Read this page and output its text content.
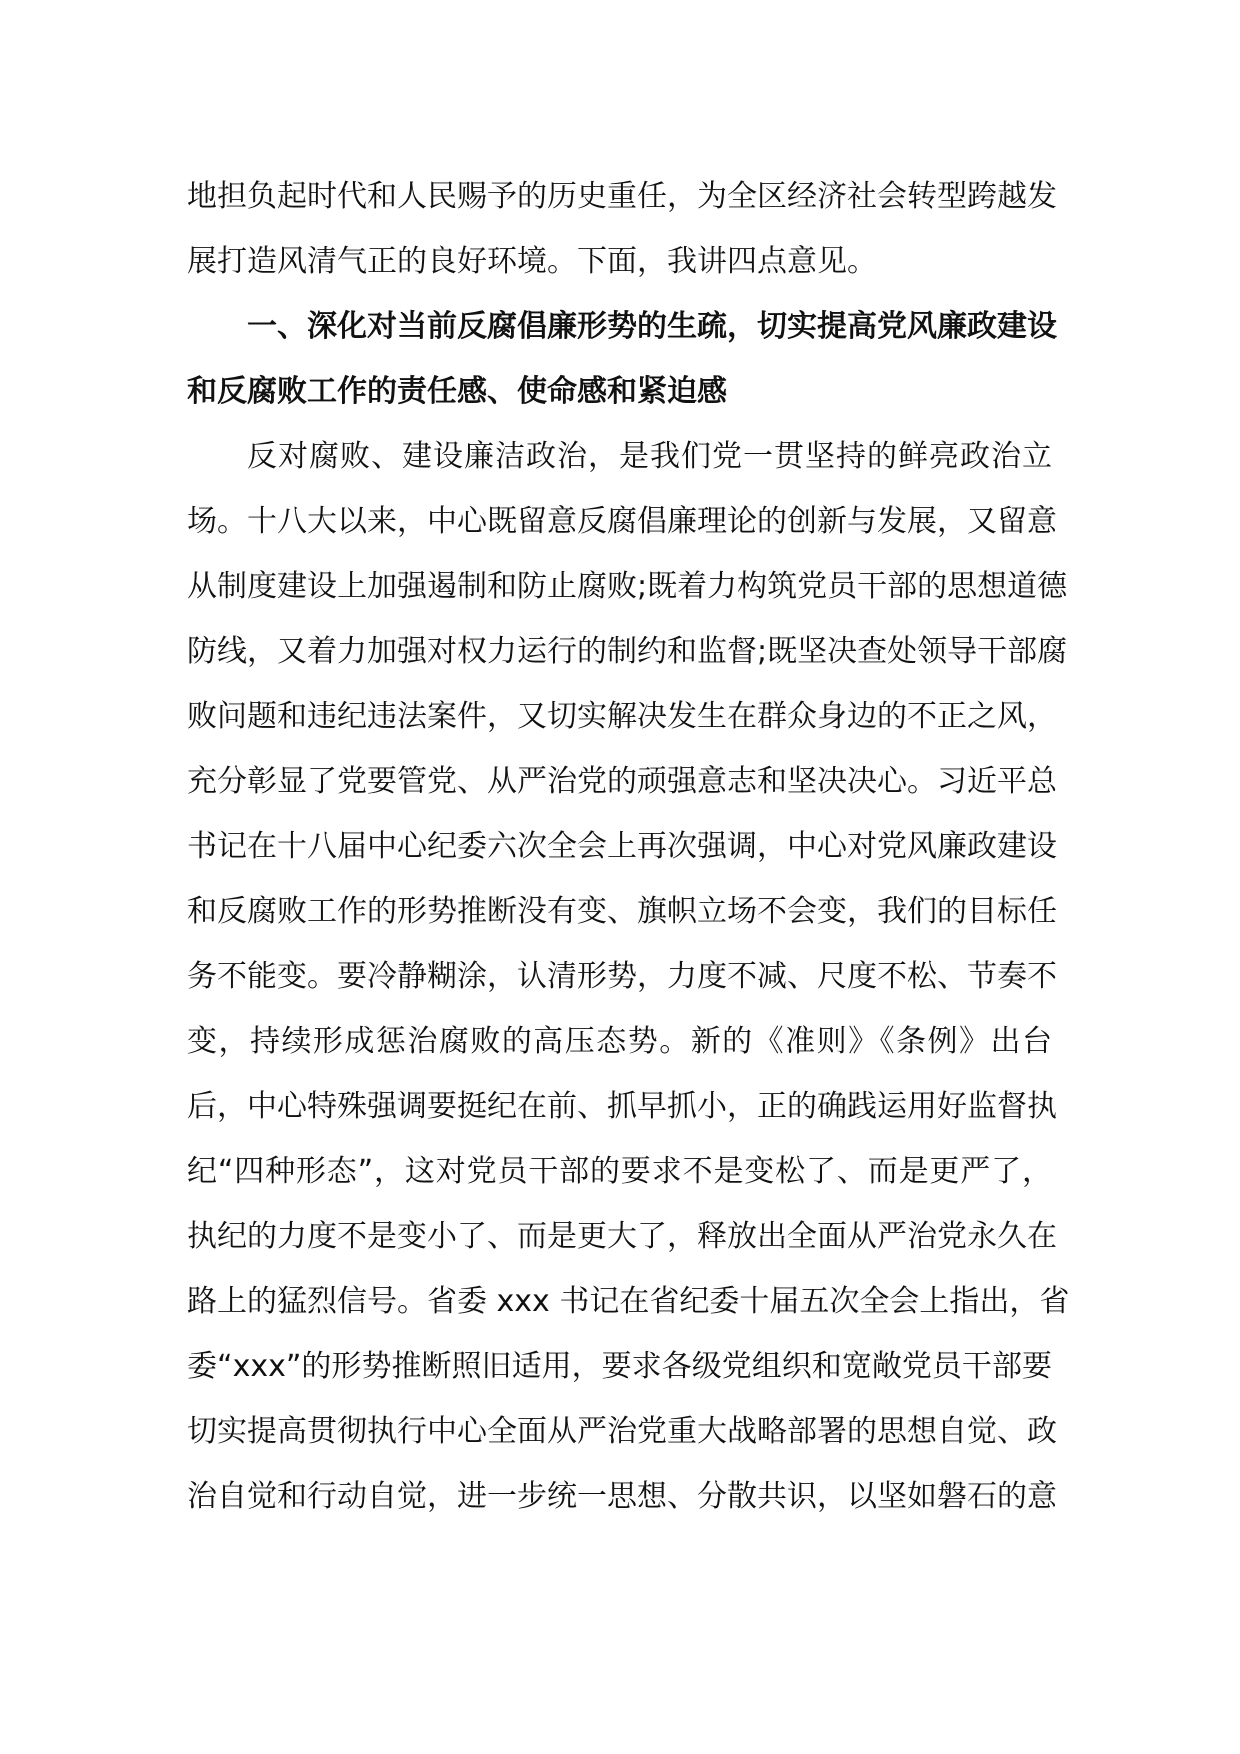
地担负起时代和人民赐予的历史重任，为全区经济社会转型跨越发
展打造风清气正的良好环境。下面，我讲四点意见。
一、深化对当前反腐倡廉形势的生疏，切实提高党风廉政建设
和反腐败工作的责任感、使命感和紧迫感
反对腐败、建设廉洁政治，是我们党一贯坚持的鲜亮政治立
场。十八大以来，中心既留意反腐倡廉理论的创新与发展，又留意
从制度建设上加强遏制和防止腐败;既着力构筑党员干部的思想道德
防线，又着力加强对权力运行的制约和监督;既坚决查处领导干部腐
败问题和违纪违法案件，又切实解决发生在群众身边的不正之风，
充分彰显了党要管党、从严治党的顽强意志和坚决决心。习近平总
书记在十八届中心纪委六次全会上再次强调，中心对党风廉政建设
和反腐败工作的形势推断没有变、旗帜立场不会变，我们的目标任
务不能变。要冷静糊涂，认清形势，力度不减、尺度不松、节奏不
变，持续形成惩治腐败的高压态势。新的《准则》《条例》出台
后，中心特殊强调要挺纪在前、抓早抓小，正的确践运用好监督执
纪“四种形态”，这对党员干部的要求不是变松了、而是更严了，
执纪的力度不是变小了、而是更大了，释放出全面从严治党永久在
路上的猛烈信号。省委 xxx 书记在省纪委十届五次全会上指出，省
委“xxx”的形势推断照旧适用，要求各级党组织和宽敞党员干部要
切实提高贯彻执行中心全面从严治党重大战略部署的思想自觉、政
治自觉和行动自觉，进一步统一思想、分散共识，以坚如磐石的意
